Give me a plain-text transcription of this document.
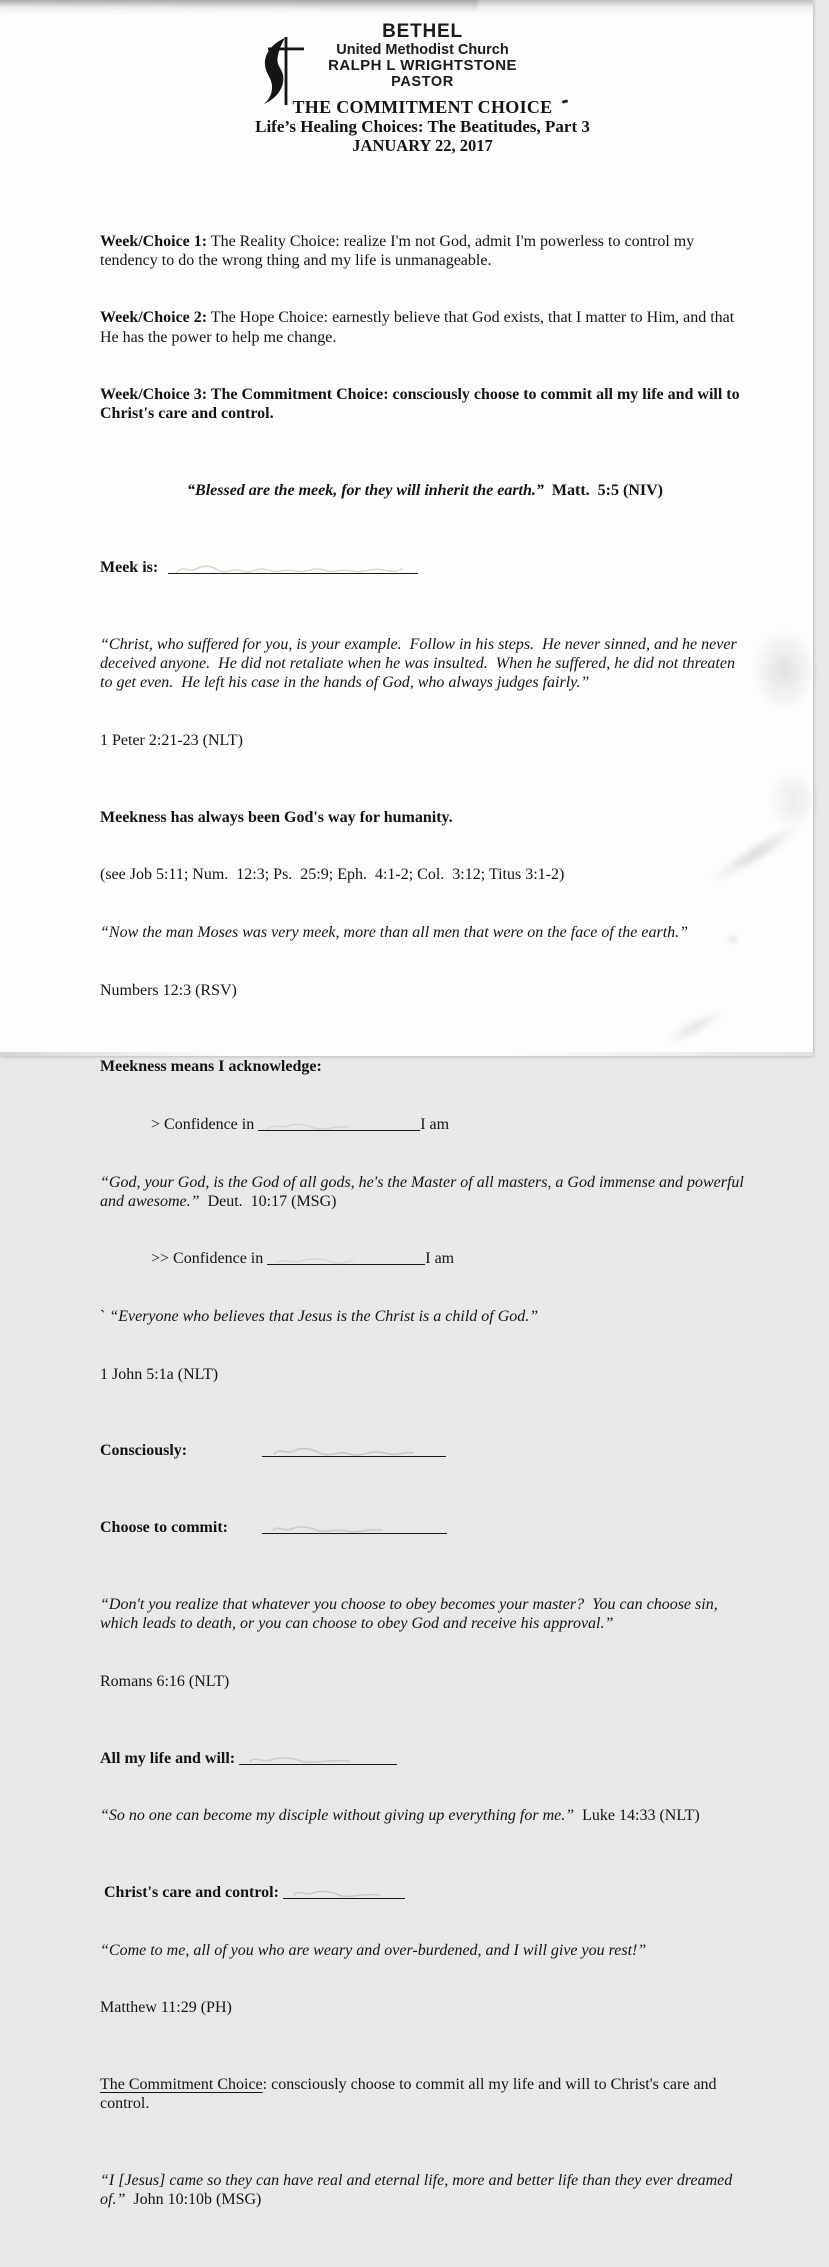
BETHEL
United Methodist Church
RALPH L WRIGHTSTONE
PASTOR
THE COMMITMENT CHOICE
Life’s Healing Choices: The Beatitudes, Part 3
JANUARY 22, 2017

Week/Choice 1: The Reality Choice: realize I'm not God, admit I'm powerless to control my tendency to do the wrong thing and my life is unmanageable.

Week/Choice 2: The Hope Choice: earnestly believe that God exists, that I matter to Him, and that He has the power to help me change.

Week/Choice 3: The Commitment Choice: consciously choose to commit all my life and will to Christ's care and control.

“Blessed are the meek, for they will inherit the earth.”  Matt.  5:5 (NIV)

Meek is:

“Christ, who suffered for you, is your example.  Follow in his steps.  He never sinned, and he never deceived anyone.  He did not retaliate when he was insulted.  When he suffered, he did not threaten to get even.  He left his case in the hands of God, who always judges fairly.”

1 Peter 2:21-23 (NLT)

Meekness has always been God's way for humanity.

(see Job 5:11; Num.  12:3; Ps.  25:9; Eph.  4:1-2; Col.  3:12; Titus 3:1-2)

“Now the man Moses was very meek, more than all men that were on the face of the earth.”

Numbers 12:3 (RSV)

Meekness means I acknowledge:

> Confidence in	I am

“God, your God, is the God of all gods, he's the Master of all masters, a God immense and powerful and awesome.”  Deut.  10:17 (MSG)

>> Confidence in	I am

` “Everyone who believes that Jesus is the Christ is a child of God.”

1 John 5:1a (NLT)

Consciously:

Choose to commit:

“Don't you realize that whatever you choose to obey becomes your master?  You can choose sin, which leads to death, or you can choose to obey God and receive his approval.”

Romans 6:16 (NLT)

All my life and will:

“So no one can become my disciple without giving up everything for me.”  Luke 14:33 (NLT)

Christ's care and control:

“Come to me, all of you who are weary and over-burdened, and I will give you rest!”

Matthew 11:29 (PH)

The Commitment Choice: consciously choose to commit all my life and will to Christ's care and control.

“I [Jesus] came so they can have real and eternal life, more and better life than they ever dreamed of.”  John 10:10b (MSG)
